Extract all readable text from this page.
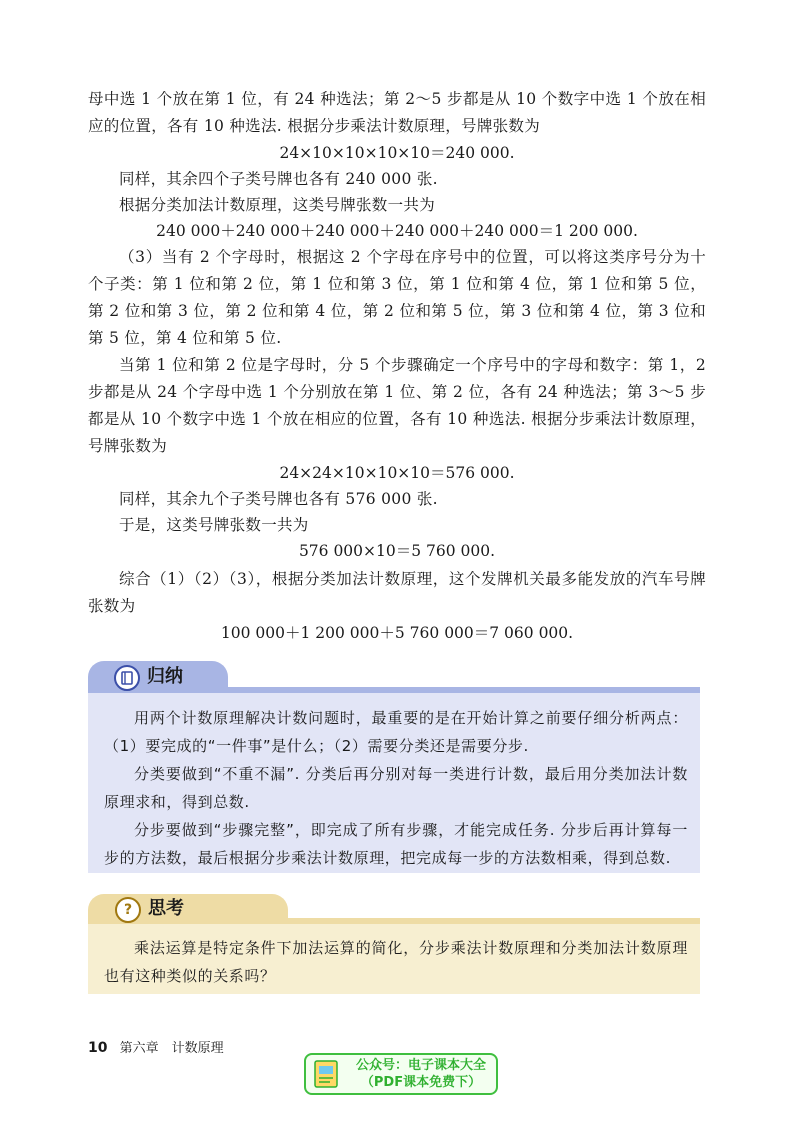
母中选 1 个放在第 1 位，有 24 种选法；第 2～5 步都是从 10 个数字中选 1 个放在相应的位置，各有 10 种选法. 根据分步乘法计数原理，号牌张数为

24×10×10×10×10＝240 000.

同样，其余四个子类号牌也各有 240 000 张.

根据分类加法计数原理，这类号牌张数一共为

240 000＋240 000＋240 000＋240 000＋240 000＝1 200 000.

（3）当有 2 个字母时，根据这 2 个字母在序号中的位置，可以将这类序号分为十个子类：第 1 位和第 2 位，第 1 位和第 3 位，第 1 位和第 4 位，第 1 位和第 5 位，第 2 位和第 3 位，第 2 位和第 4 位，第 2 位和第 5 位，第 3 位和第 4 位，第 3 位和第 5 位，第 4 位和第 5 位.

当第 1 位和第 2 位是字母时，分 5 个步骤确定一个序号中的字母和数字：第 1，2 步都是从 24 个字母中选 1 个分别放在第 1 位、第 2 位，各有 24 种选法；第 3～5 步都是从 10 个数字中选 1 个放在相应的位置，各有 10 种选法. 根据分步乘法计数原理，号牌张数为

24×24×10×10×10＝576 000.

同样，其余九个子类号牌也各有 576 000 张.

于是，这类号牌张数一共为

576 000×10＝5 760 000.

综合（1）（2）（3），根据分类加法计数原理，这个发牌机关最多能发放的汽车号牌张数为

100 000＋1 200 000＋5 760 000＝7 060 000.

归纳

用两个计数原理解决计数问题时，最重要的是在开始计算之前要仔细分析两点：（1）要完成的“一件事”是什么；（2）需要分类还是需要分步.

分类要做到“不重不漏”. 分类后再分别对每一类进行计数，最后用分类加法计数原理求和，得到总数.

分步要做到“步骤完整”，即完成了所有步骤，才能完成任务. 分步后再计算每一步的方法数，最后根据分步乘法计数原理，把完成每一步的方法数相乘，得到总数.

? 思考

乘法运算是特定条件下加法运算的简化，分步乘法计数原理和分类加法计数原理也有这种类似的关系吗？

10 第六章　计数原理
公众号：电子课本大全
（PDF课本免费下）
